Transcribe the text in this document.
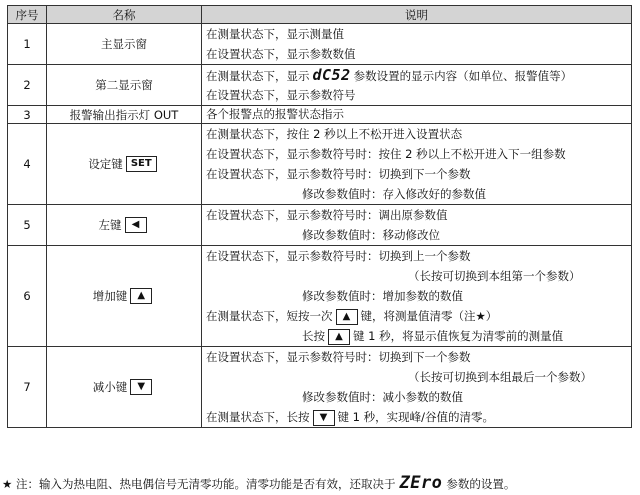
序号	名称	说明
1	主显示窗	在测量状态下，显示测量值
在设置状态下，显示参数数值

2	第二显示窗	在测量状态下，显示 dC52 参数设置的显示内容（如单位、报警值等）
在设置状态下，显示参数符号

3	报警输出指示灯 OUT	各个报警点的报警状态指示

4	设定键 SET	在测量状态下，按住 2 秒以上不松开进入设置状态
在设置状态下，显示参数符号时：按住 2 秒以上不松开进入下一组参数
在设置状态下，显示参数符号时：切换到下一个参数
修改参数值时：存入修改好的参数值

5	左键 ◀	在设置状态下，显示参数符号时：调出原参数值
修改参数值时：移动修改位

6	增加键 ▲	在设置状态下，显示参数符号时：切换到上一个参数
（长按可切换到本组第一个参数）
修改参数值时：增加参数的数值
在测量状态下，短按一次 ▲ 键，将测量值清零（注★）
长按 ▲ 键 1 秒，将显示值恢复为清零前的测量值

7	减小键 ▼	在设置状态下，显示参数符号时：切换到下一个参数
（长按可切换到本组最后一个参数）
修改参数值时：减小参数的数值
在测量状态下，长按 ▼ 键 1 秒，实现峰/谷值的清零。
★ 注：输入为热电阻、热电偶信号无清零功能。清零功能是否有效，还取决于 ZEro 参数的设置。
